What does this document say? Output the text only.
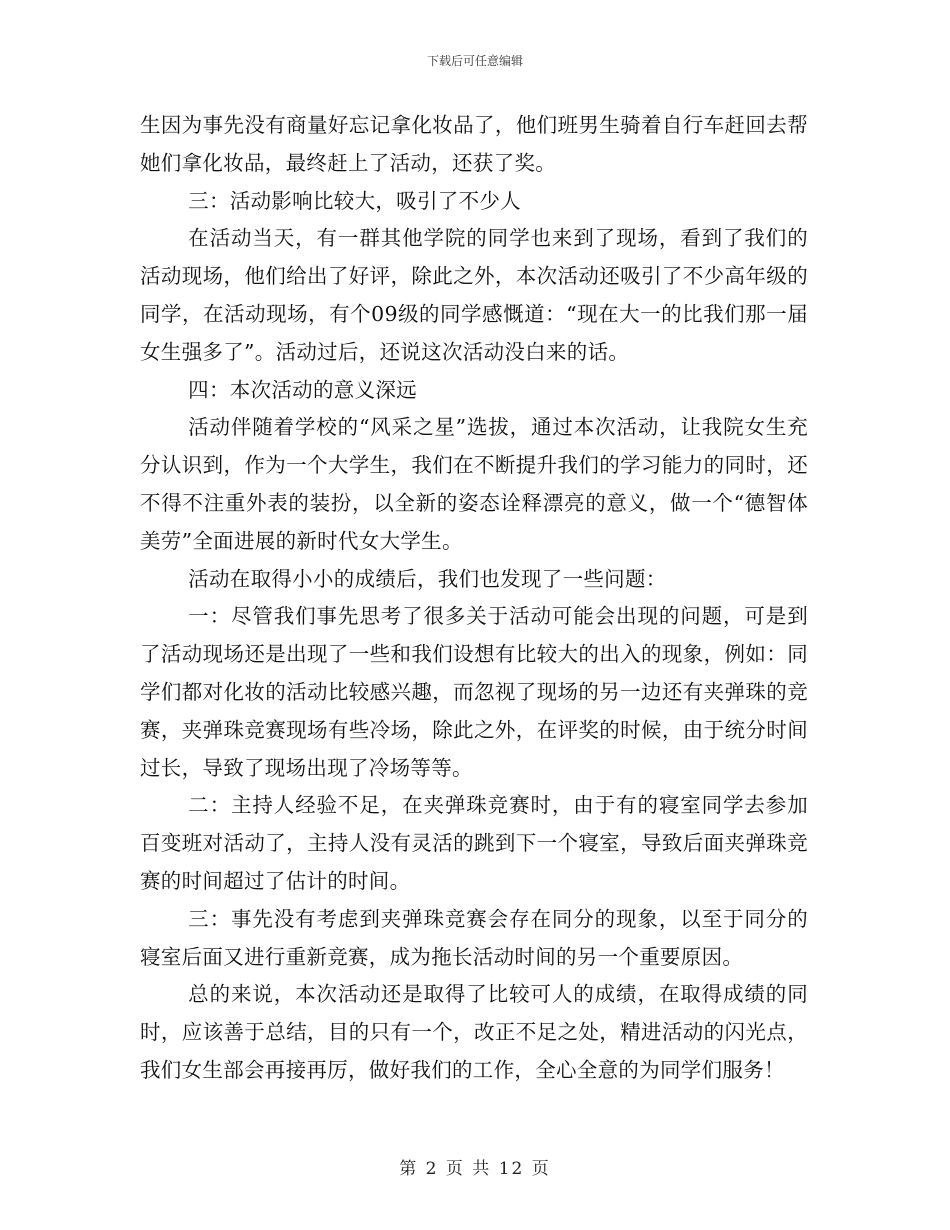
下载后可任意编辑

生因为事先没有商量好忘记拿化妆品了，他们班男生骑着自行车赶回去帮她们拿化妆品，最终赶上了活动，还获了奖。

三：活动影响比较大，吸引了不少人

在活动当天，有一群其他学院的同学也来到了现场，看到了我们的活动现场，他们给出了好评，除此之外，本次活动还吸引了不少高年级的同学，在活动现场，有个09级的同学感慨道：“现在大一的比我们那一届女生强多了”。活动过后，还说这次活动没白来的话。

四：本次活动的意义深远

活动伴随着学校的“风采之星”选拔，通过本次活动，让我院女生充分认识到，作为一个大学生，我们在不断提升我们的学习能力的同时，还不得不注重外表的装扮，以全新的姿态诠释漂亮的意义，做一个“德智体美劳”全面进展的新时代女大学生。

活动在取得小小的成绩后，我们也发现了一些问题：

一：尽管我们事先思考了很多关于活动可能会出现的问题，可是到了活动现场还是出现了一些和我们设想有比较大的出入的现象，例如：同学们都对化妆的活动比较感兴趣，而忽视了现场的另一边还有夹弹珠的竞赛，夹弹珠竞赛现场有些冷场，除此之外，在评奖的时候，由于统分时间过长，导致了现场出现了冷场等等。

二：主持人经验不足，在夹弹珠竞赛时，由于有的寝室同学去参加百变班对活动了，主持人没有灵活的跳到下一个寝室，导致后面夹弹珠竞赛的时间超过了估计的时间。

三：事先没有考虑到夹弹珠竞赛会存在同分的现象，以至于同分的寝室后面又进行重新竞赛，成为拖长活动时间的另一个重要原因。

总的来说，本次活动还是取得了比较可人的成绩，在取得成绩的同时，应该善于总结，目的只有一个，改正不足之处，精进活动的闪光点，我们女生部会再接再厉，做好我们的工作，全心全意的为同学们服务！

第 2 页 共 12 页
